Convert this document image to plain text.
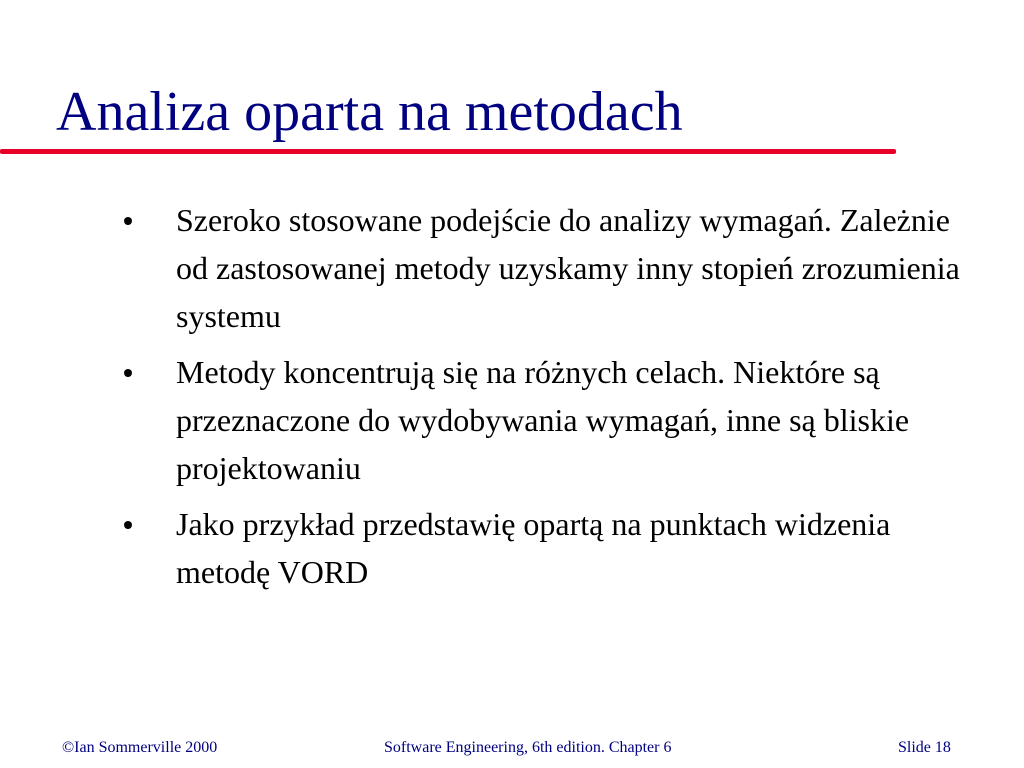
Analiza oparta na metodach
Szeroko stosowane podejście do analizy wymagań. Zależnie od zastosowanej metody uzyskamy inny stopień zrozumienia systemu
Metody koncentrują się na różnych celach. Niektóre są przeznaczone do wydobywania wymagań, inne są bliskie projektowaniu
Jako przykład przedstawię opartą na punktach widzenia metodę VORD
©Ian Sommerville 2000	Software Engineering, 6th edition. Chapter 6	Slide 18
